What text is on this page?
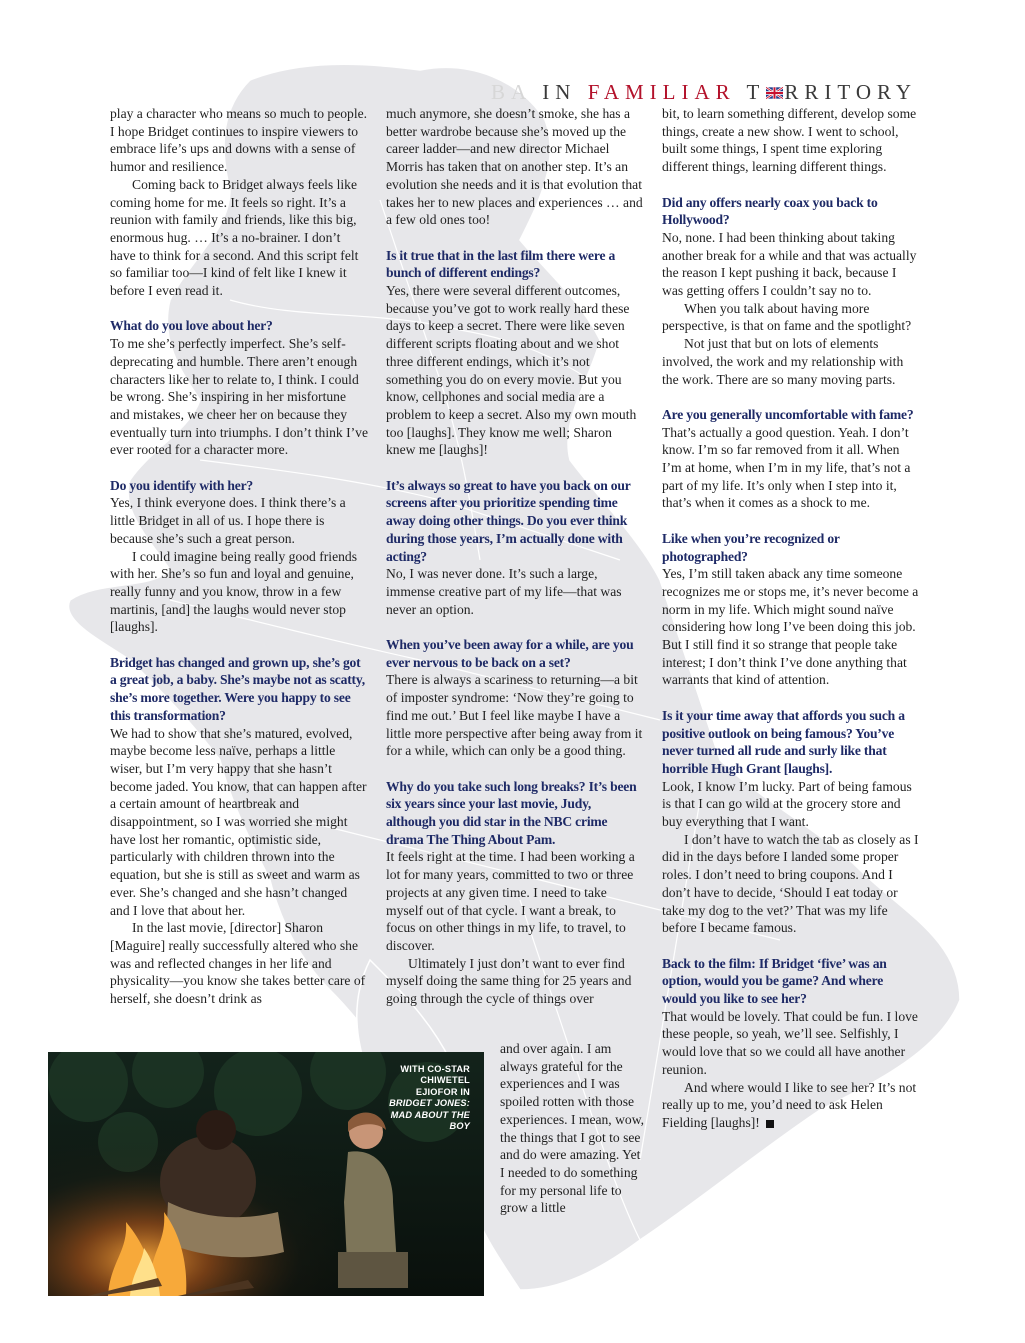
BA IN FAMILIAR T RRITORY

play a character who means so much to people. I hope Bridget continues to inspire viewers to embrace life’s ups and downs with a sense of humor and resilience.

Coming back to Bridget always feels like coming home for me. It feels so right. It’s a reunion with family and friends, like this big, enormous hug. … It’s a no-brainer. I don’t have to think for a second. And this script felt so familiar too—I kind of felt like I knew it before I even read it.

What do you love about her?

To me she’s perfectly imperfect. She’s self-deprecating and humble. There aren’t enough characters like her to relate to, I think. I could be wrong. She’s inspiring in her misfortune and mistakes, we cheer her on because they eventually turn into triumphs. I don’t think I’ve ever rooted for a character more.

Do you identify with her?

Yes, I think everyone does. I think there’s a little Bridget in all of us. I hope there is because she’s such a great person.

I could imagine being really good friends with her. She’s so fun and loyal and genuine, really funny and you know, throw in a few martinis, [and] the laughs would never stop [laughs].

Bridget has changed and grown up, she’s got a great job, a baby. She’s maybe not as scatty, she’s more together. Were you happy to see this transformation?

We had to show that she’s matured, evolved, maybe become less naïve, perhaps a little wiser, but I’m very happy that she hasn’t become jaded. You know, that can happen after a certain amount of heartbreak and disappointment, so I was worried she might have lost her romantic, optimistic side, particularly with children thrown into the equation, but she is still as sweet and warm as ever. She’s changed and she hasn’t changed and I love that about her.

In the last movie, [director] Sharon [Maguire] really successfully altered who she was and reflected changes in her life and physicality—you know she takes better care of herself, she doesn’t drink as

much anymore, she doesn’t smoke, she has a better wardrobe because she’s moved up the career ladder—and new director Michael Morris has taken that on another step. It’s an evolution she needs and it is that evolution that takes her to new places and experiences … and a few old ones too!

Is it true that in the last film there were a bunch of different endings?

Yes, there were several different outcomes, because you’ve got to work really hard these days to keep a secret. There were like seven different scripts floating about and we shot three different endings, which it’s not something you do on every movie. But you know, cellphones and social media are a problem to keep a secret. Also my own mouth too [laughs]. They know me well; Sharon knew me [laughs]!

It’s always so great to have you back on our screens after you prioritize spending time away doing other things. Do you ever think during those years, I’m actually done with acting?

No, I was never done. It’s such a large, immense creative part of my life—that was never an option.

When you’ve been away for a while, are you ever nervous to be back on a set?

There is always a scariness to returning—a bit of imposter syndrome: ‘Now they’re going to find me out.’ But I feel like maybe I have a little more perspective after being away from it for a while, which can only be a good thing.

Why do you take such long breaks? It’s been six years since your last movie, Judy, although you did star in the NBC crime drama The Thing About Pam.

It feels right at the time. I had been working a lot for many years, committed to two or three projects at any given time. I need to take myself out of that cycle. I want a break, to focus on other things in my life, to travel, to discover.

Ultimately I just don’t want to ever find myself doing the same thing for 25 years and going through the cycle of things over

bit, to learn something different, develop some things, create a new show. I went to school, built some things, I spent time exploring different things, learning different things.

Did any offers nearly coax you back to Hollywood?

No, none. I had been thinking about taking another break for a while and that was actually the reason I kept pushing it back, because I was getting offers I couldn’t say no to.

When you talk about having more perspective, is that on fame and the spotlight?

Not just that but on lots of elements involved, the work and my relationship with the work. There are so many moving parts.

Are you generally uncomfortable with fame?

That’s actually a good question. Yeah. I don’t know. I’m so far removed from it all. When I’m at home, when I’m in my life, that’s not a part of my life. It’s only when I step into it, that’s when it comes as a shock to me.

Like when you’re recognized or photographed?

Yes, I’m still taken aback any time someone recognizes me or stops me, it’s never become a norm in my life. Which might sound naïve considering how long I’ve been doing this job. But I still find it so strange that people take interest; I don’t think I’ve done anything that warrants that kind of attention.

Is it your time away that affords you such a positive outlook on being famous? You’ve never turned all rude and surly like that horrible Hugh Grant [laughs].

Look, I know I’m lucky. Part of being famous is that I can go wild at the grocery store and buy everything that I want.

I don’t have to watch the tab as closely as I did in the days before I landed some proper roles. I don’t need to bring coupons. And I don’t have to decide, ‘Should I eat today or take my dog to the vet?’ That was my life before I became famous.

Back to the film: If Bridget ‘five’ was an option, would you be game? And where would you like to see her?

That would be lovely. That could be fun. I love these people, so yeah, we’ll see. Selfishly, I would love that so we could all have another reunion.

And where would I like to see her? It’s not really up to me, you’d need to ask Helen Fielding [laughs]!

and over again. I am always grateful for the experiences and I was spoiled rotten with those experiences. I mean, wow, the things that I got to see and do were amazing. Yet I needed to do something for my personal life to grow a little

WITH CO-STAR CHIWETEL EJIOFOR IN BRIDGET JONES: MAD ABOUT THE BOY
